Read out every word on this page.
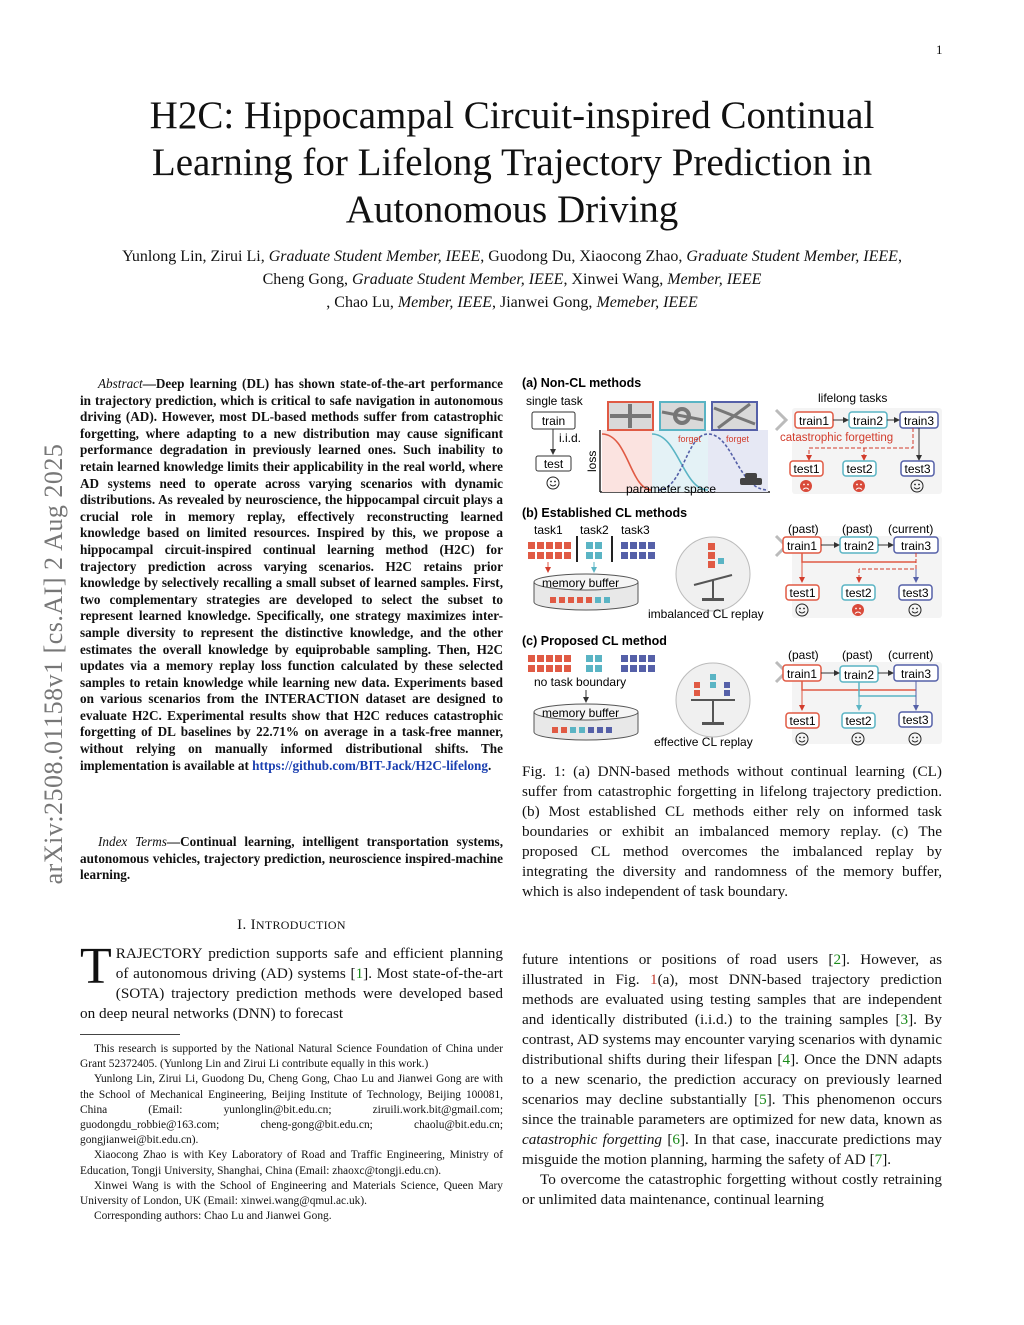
1
arXiv:2508.01158v1 [cs.AI] 2 Aug 2025
H2C: Hippocampal Circuit-inspired Continual Learning for Lifelong Trajectory Prediction in Autonomous Driving
Yunlong Lin, Zirui Li, Graduate Student Member, IEEE, Guodong Du, Xiaocong Zhao, Graduate Student Member, IEEE, Cheng Gong, Graduate Student Member, IEEE, Xinwei Wang, Member, IEEE
, Chao Lu, Member, IEEE, Jianwei Gong, Memeber, IEEE

Abstract—Deep learning (DL) has shown state-of-the-art performance in trajectory prediction, which is critical to safe navigation in autonomous driving (AD). However, most DL-based methods suffer from catastrophic forgetting, where adapting to a new distribution may cause significant performance degradation in previously learned ones. Such inability to retain learned knowledge limits their applicability in the real world, where AD systems need to operate across varying scenarios with dynamic distributions. As revealed by neuroscience, the hippocampal circuit plays a crucial role in memory replay, effectively reconstructing learned knowledge based on limited resources. Inspired by this, we propose a hippocampal circuit-inspired continual learning method (H2C) for trajectory prediction across varying scenarios. H2C retains prior knowledge by selectively recalling a small subset of learned samples. First, two complementary strategies are developed to select the subset to represent learned knowledge. Specifically, one strategy maximizes inter-sample diversity to represent the distinctive knowledge, and the other estimates the overall knowledge by equiprobable sampling. Then, H2C updates via a memory replay loss function calculated by these selected samples to retain knowledge while learning new data. Experiments based on various scenarios from the INTERACTION dataset are designed to evaluate H2C. Experimental results show that H2C reduces catastrophic forgetting of DL baselines by 22.71% on average in a task-free manner, without relying on manually informed distributional shifts. The implementation is available at https://github.com/BIT-Jack/H2C-lifelong.

Index Terms—Continual learning, intelligent transportation systems, autonomous vehicles, trajectory prediction, neuroscience inspired-machine learning.

I. INTRODUCTION

TRAJECTORY prediction supports safe and efficient planning of autonomous driving (AD) systems [1]. Most state-of-the-art (SOTA) trajectory prediction methods were developed based on deep neural networks (DNN) to forecast

This research is supported by the National Natural Science Foundation of China under Grant 52372405. (Yunlong Lin and Zirui Li contribute equally in this work.)

Yunlong Lin, Zirui Li, Guodong Du, Cheng Gong, Chao Lu and Jianwei Gong are with the School of Mechanical Engineering, Beijing Institute of Technology, Beijing 100081, China (Email: yunlonglin@bit.edu.cn; ziruili.work.bit@gmail.com; guodongdu_robbie@163.com; cheng-gong@bit.edu.cn; chaolu@bit.edu.cn; gongjianwei@bit.edu.cn).

Xiaocong Zhao is with Key Laboratory of Road and Traffic Engineering, Ministry of Education, Tongji University, Shanghai, China (Email: zhaoxc@tongji.edu.cn).

Xinwei Wang is with the School of Engineering and Materials Science, Queen Mary University of London, UK (Email: xinwei.wang@qmul.ac.uk).

Corresponding authors: Chao Lu and Jianwei Gong.

(a) Non-CL methods
single task
train
i.i.d.
test loss
forget	forget
parameter space
lifelong tasks
train1 train2 train3
catastrophic forgetting
test1 test2	test3
(b) Established CL methods
task1 task2 task3
memory buffer
imbalanced CL replay
(past) (past) (current)
train1 train2 train3
test1 test2	test3
(c) Proposed CL method
no task boundary
memory buffer
effective CL replay
(past) (past) (current)
train1 train2 train3
test1 test2	test3

Fig. 1: (a) DNN-based methods without continual learning (CL) suffer from catastrophic forgetting in lifelong trajectory prediction. (b) Most established CL methods either rely on informed task boundaries or exhibit an imbalanced memory replay. (c) The proposed CL method overcomes the imbalanced replay by integrating the diversity and randomness of the memory buffer, which is also independent of task boundary.

future intentions or positions of road users [2]. However, as illustrated in Fig. 1(a), most DNN-based trajectory prediction methods are evaluated using testing samples that are independent and identically distributed (i.i.d.) to the training samples [3]. By contrast, AD systems may encounter varying scenarios with dynamic distributional shifts during their lifespan [4]. Once the DNN adapts to a new scenario, the prediction accuracy on previously learned scenarios may decline substantially [5]. This phenomenon occurs since the trainable parameters are optimized for new data, known as catastrophic forgetting [6]. In that case, inaccurate predictions may misguide the motion planning, harming the safety of AD [7].

To overcome the catastrophic forgetting without costly retraining or unlimited data maintenance, continual learning
